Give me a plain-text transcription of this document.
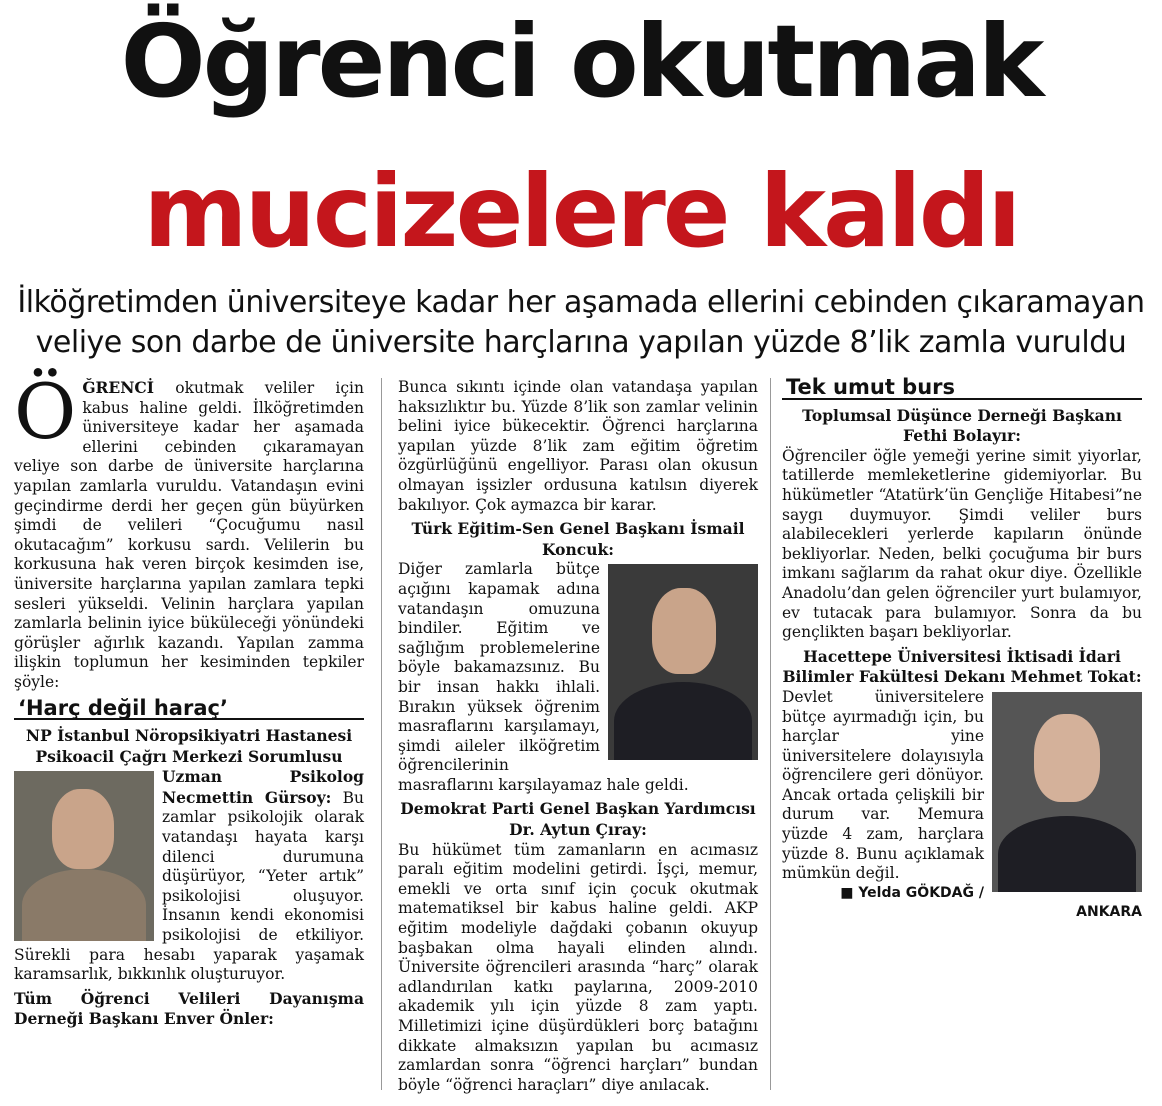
Öğrenci okutmak
mucizelere kaldı
İlköğretimden üniversiteye kadar her aşamada ellerini cebinden çıkaramayan
veliye son darbe de üniversite harçlarına yapılan yüzde 8’lik zamla vuruldu

Ö ĞRENCİ okutmak veliler için kabus haline geldi. İlköğretimden üniversiteye kadar her aşamada ellerini cebinden çıkaramayan veliye son darbe de üniversite harçlarına yapılan zamlarla vuruldu. Vatandaşın evini geçindirme derdi her geçen gün büyürken şimdi de velileri “Çocuğumu nasıl okutacağım” korkusu sardı. Velilerin bu korkusuna hak veren birçok kesimden ise, üniversite harçlarına yapılan zamlara tepki sesleri yükseldi. Velinin harçlara yapılan zamlarla belinin iyice büküleceği yönündeki görüşler ağırlık kazandı. Yapılan zamma ilişkin toplumun her kesiminden tepkiler şöyle:

‘Harç değil haraç’

NP İstanbul Nöropsikiyatri Hastanesi Psikoacil Çağrı Merkezi Sorumlusu

Uzman Psikolog Necmettin Gürsoy: Bu zamlar psikolojik olarak vatandaşı hayata karşı dilenci durumuna düşürüyor, “Yeter artık” psikolojisi oluşuyor. İnsanın kendi ekonomisi psikolojisi de etkiliyor. Sürekli para hesabı yaparak yaşamak karamsarlık, bıkkınlık oluşturuyor.

Tüm Öğrenci Velileri Dayanışma Derneği Başkanı Enver Önler:

Bunca sıkıntı içinde olan vatandaşa yapılan haksızlıktır bu. Yüzde 8’lik son zamlar velinin belini iyice bükecektir. Öğrenci harçlarına yapılan yüzde 8’lik zam eğitim öğretim özgürlüğünü engelliyor. Parası olan okusun olmayan işsizler ordusuna katılsın diyerek bakılıyor. Çok aymazca bir karar.

Türk Eğitim-Sen Genel Başkanı İsmail Koncuk:

Diğer zamlarla bütçe açığını kapamak adına vatandaşın omuzuna bindiler. Eğitim ve sağlığım problemelerine böyle bakamazsınız. Bu bir insan hakkı ihlali. Bırakın yüksek öğrenim masraflarını karşılamayı, şimdi aileler ilköğretim öğrencilerinin masraflarını karşılayamaz hale geldi.

Demokrat Parti Genel Başkan Yardımcısı Dr. Aytun Çıray:

Bu hükümet tüm zamanların en acımasız paralı eğitim modelini getirdi. İşçi, memur, emekli ve orta sınıf için çocuk okutmak matematiksel bir kabus haline geldi. AKP eğitim modeliyle dağdaki çobanın okuyup başbakan olma hayali elinden alındı. Üniversite öğrencileri arasında “harç” olarak adlandırılan katkı paylarına, 2009-2010 akademik yılı için yüzde 8 zam yaptı. Milletimizi içine düşürdükleri borç batağını dikkate almaksızın yapılan bu acımasız zamlardan sonra “öğrenci harçları” bundan böyle “öğrenci haraçları” diye anılacak.

Tek umut burs

Toplumsal Düşünce Derneği Başkanı Fethi Bolayır:

Öğrenciler öğle yemeği yerine simit yiyorlar, tatillerde memleketlerine gidemiyorlar. Bu hükümetler “Atatürk’ün Gençliğe Hitabesi”ne saygı duymuyor. Şimdi veliler burs alabilecekleri yerlerde kapıların önünde bekliyorlar. Neden, belki çocuğuma bir burs imkanı sağlarım da rahat okur diye. Özellikle Anadolu’dan gelen öğrenciler yurt bulamıyor, ev tutacak para bulamıyor. Sonra da bu gençlikten başarı bekliyorlar.

Hacettepe Üniversitesi İktisadi İdari Bilimler Fakültesi Dekanı Mehmet Tokat:

Devlet üniversitelere bütçe ayırmadığı için, bu harçlar yine üniversitelere dolayısıyla öğrencilere geri dönüyor. Ancak ortada çelişkili bir durum var. Memura yüzde 4 zam, harçlara yüzde 8. Bunu açıklamak mümkün değil.

■ Yelda GÖKDAĞ / ANKARA
